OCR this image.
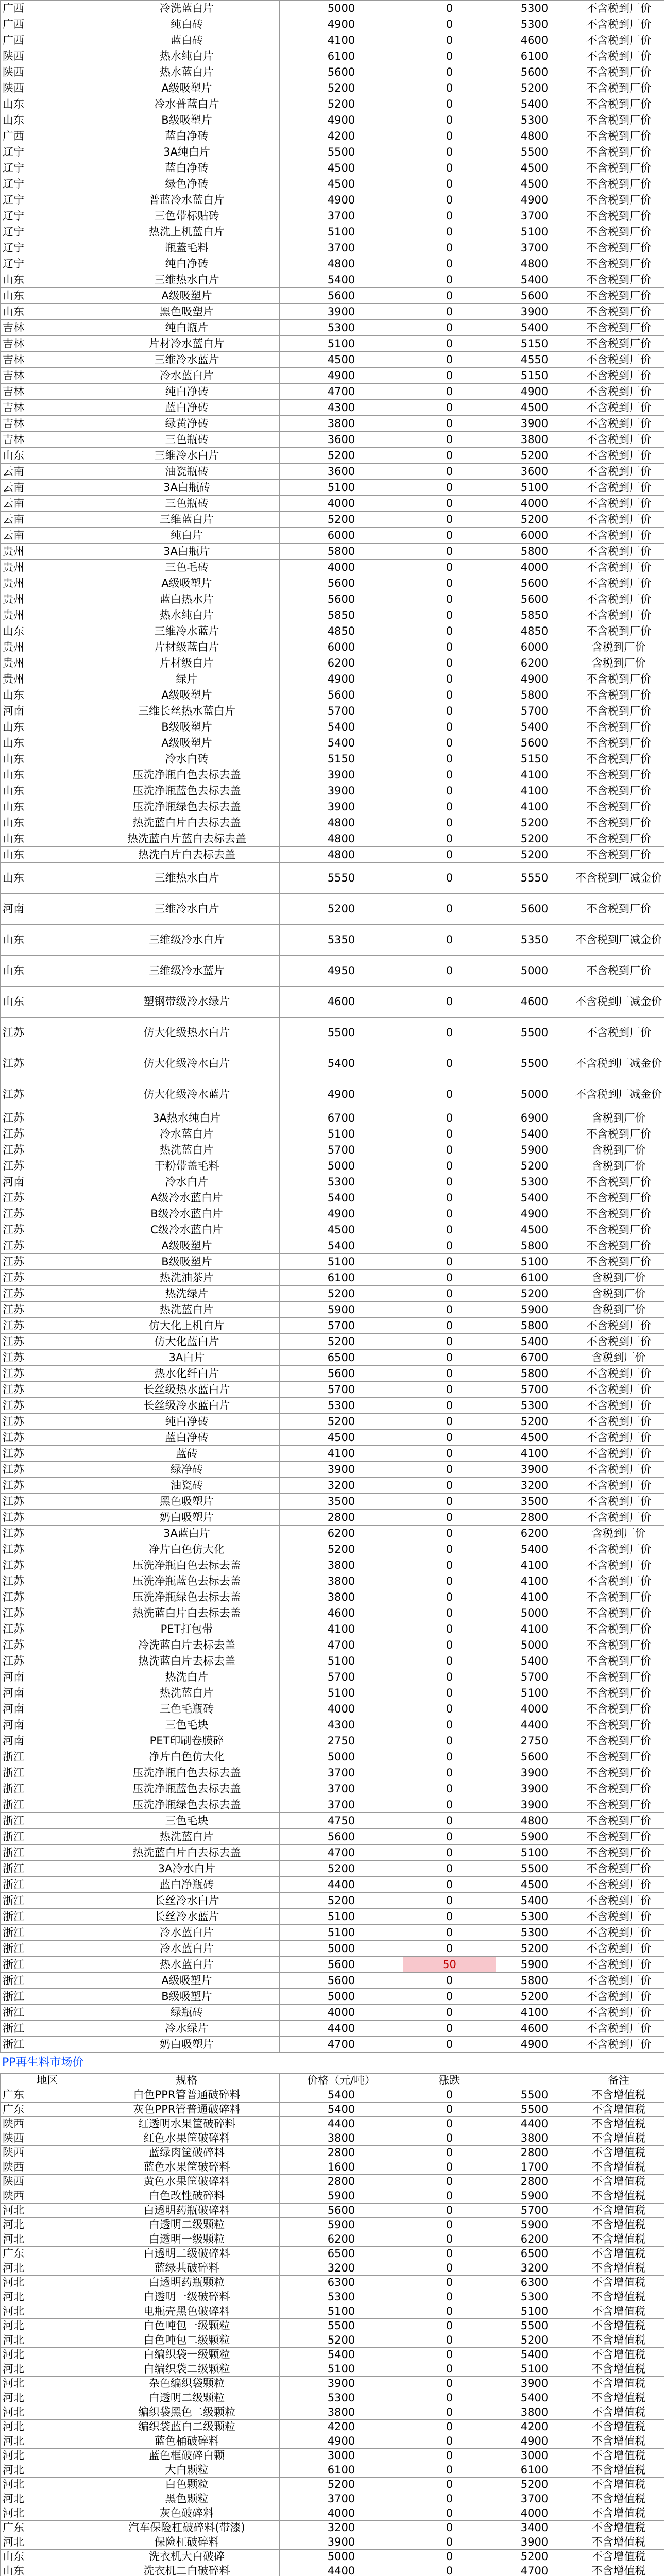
广西	冷洗蓝白片	5000	0	5300	不含税到厂价
广西	纯白砖	4900	0	5300	不含税到厂价
广西	蓝白砖	4100	0	4600	不含税到厂价
陕西	热水纯白片	6100	0	6100	不含税到厂价
陕西	热水蓝白片	5600	0	5600	不含税到厂价
陕西	A级吸塑片	5200	0	5200	不含税到厂价
山东	冷水普蓝白片	5200	0	5400	不含税到厂价
山东	B级吸塑片	4900	0	5300	不含税到厂价
广西	蓝白净砖	4200	0	4800	不含税到厂价
辽宁	3A纯白片	5500	0	5500	不含税到厂价
辽宁	蓝白净砖	4500	0	4500	不含税到厂价
辽宁	绿色净砖	4500	0	4500	不含税到厂价
辽宁	普蓝冷水蓝白片	4900	0	4900	不含税到厂价
辽宁	三色带标贴砖	3700	0	3700	不含税到厂价
辽宁	热洗上机蓝白片	5100	0	5100	不含税到厂价
辽宁	瓶蓋毛料	3700	0	3700	不含税到厂价
辽宁	纯白净砖	4800	0	4800	不含税到厂价
山东	三维热水白片	5400	0	5400	不含税到厂价
山东	A级吸塑片	5600	0	5600	不含税到厂价
山东	黑色吸塑片	3900	0	3900	不含税到厂价
吉林	纯白瓶片	5300	0	5400	不含税到厂价
吉林	片材冷水蓝白片	5100	0	5150	不含税到厂价
吉林	三维冷水蓝片	4500	0	4550	不含税到厂价
吉林	冷水蓝白片	4900	0	5150	不含税到厂价
吉林	纯白净砖	4700	0	4900	不含税到厂价
吉林	蓝白净砖	4300	0	4500	不含税到厂价
吉林	绿黄净砖	3800	0	3900	不含税到厂价
吉林	三色瓶砖	3600	0	3800	不含税到厂价
山东	三维冷水白片	5200	0	5200	不含税到厂价
云南	油瓷瓶砖	3600	0	3600	不含税到厂价
云南	3A白瓶砖	5100	0	5100	不含税到厂价
云南	三色瓶砖	4000	0	4000	不含税到厂价
云南	三维蓝白片	5200	0	5200	不含税到厂价
云南	纯白片	6000	0	6000	不含税到厂价
贵州	3A白瓶片	5800	0	5800	不含税到厂价
贵州	三色毛砖	4000	0	4000	不含税到厂价
贵州	A级吸塑片	5600	0	5600	不含税到厂价
贵州	蓝白热水片	5600	0	5600	不含税到厂价
贵州	热水纯白片	5850	0	5850	不含税到厂价
山东	三维冷水蓝片	4850	0	4850	不含税到厂价
贵州	片材级蓝白片	6000	0	6000	含税到厂价
贵州	片材级白片	6200	0	6200	含税到厂价
贵州	绿片	4900	0	4900	不含税到厂价
山东	A级吸塑片	5600	0	5800	不含税到厂价
河南	三维长丝热水蓝白片	5700	0	5700	不含税到厂价
山东	B级吸塑片	5400	0	5400	不含税到厂价
山东	A级吸塑片	5400	0	5600	不含税到厂价
山东	冷水白砖	5150	0	5150	不含税到厂价
山东	压洗净瓶白色去标去盖	3900	0	4100	不含税到厂价
山东	压洗净瓶蓝色去标去盖	3900	0	4100	不含税到厂价
山东	压洗净瓶绿色去标去盖	3900	0	4100	不含税到厂价
山东	热洗蓝白片白去标去盖	4800	0	5200	不含税到厂价
山东	热洗蓝白片蓝白去标去盖	4800	0	5200	不含税到厂价
山东	热洗白片白去标去盖	4800	0	5200	不含税到厂价
山东	三维热水白片	5550	0	5550	不含税到厂减金价
河南	三维冷水白片	5200	0	5600	不含税到厂价
山东	三维级冷水白片	5350	0	5350	不含税到厂减金价
山东	三维级冷水蓝片	4950	0	5000	不含税到厂价
山东	塑钢带级冷水绿片	4600	0	4600	不含税到厂减金价
江苏	仿大化级热水白片	5500	0	5500	不含税到厂价
江苏	仿大化级冷水白片	5400	0	5500	不含税到厂减金价
江苏	仿大化级冷水蓝片	4900	0	5000	不含税到厂减金价
江苏	3A热水纯白片	6700	0	6900	含税到厂价
江苏	冷水蓝白片	5100	0	5400	不含税到厂价
江苏	热洗蓝白片	5700	0	5900	含税到厂价
江苏	干粉带盖毛料	5000	0	5200	含税到厂价
河南	冷水白片	5300	0	5300	不含税到厂价
江苏	A级冷水蓝白片	5400	0	5400	不含税到厂价
江苏	B级冷水蓝白片	4900	0	4900	不含税到厂价
江苏	C级冷水蓝白片	4500	0	4500	不含税到厂价
江苏	A级吸塑片	5400	0	5800	不含税到厂价
江苏	B级吸塑片	5100	0	5100	不含税到厂价
江苏	热洗油茶片	6100	0	6100	含税到厂价
江苏	热洗绿片	5200	0	5200	含税到厂价
江苏	热洗蓝白片	5900	0	5900	含税到厂价
江苏	仿大化上机白片	5700	0	5800	不含税到厂价
江苏	仿大化蓝白片	5200	0	5400	不含税到厂价
江苏	3A白片	6500	0	6700	含税到厂价
江苏	热水化纤白片	5600	0	5800	不含税到厂价
江苏	长丝级热水蓝白片	5700	0	5700	不含税到厂价
江苏	长丝级冷水蓝白片	5300	0	5300	不含税到厂价
江苏	纯白净砖	5200	0	5200	不含税到厂价
江苏	蓝白净砖	4500	0	4500	不含税到厂价
江苏	蓝砖	4100	0	4100	不含税到厂价
江苏	绿净砖	3900	0	3900	不含税到厂价
江苏	油瓷砖	3200	0	3200	不含税到厂价
江苏	黑色吸塑片	3500	0	3500	不含税到厂价
江苏	奶白吸塑片	2800	0	2800	不含税到厂价
江苏	3A蓝白片	6200	0	6200	含税到厂价
江苏	净片白色仿大化	5200	0	5400	不含税到厂价
江苏	压洗净瓶白色去标去盖	3800	0	4100	不含税到厂价
江苏	压洗净瓶蓝色去标去盖	3800	0	4100	不含税到厂价
江苏	压洗净瓶绿色去标去盖	3800	0	4100	不含税到厂价
江苏	热洗蓝白片白去标去盖	4600	0	5000	不含税到厂价
江苏	PET打包带	4100	0	4100	不含税到厂价
江苏	冷洗蓝白片去标去盖	4700	0	5000	不含税到厂价
江苏	热洗蓝白片去标去盖	5100	0	5400	不含税到厂价
河南	热洗白片	5700	0	5700	不含税到厂价
河南	热洗蓝白片	5100	0	5100	不含税到厂价
河南	三色毛瓶砖	4000	0	4000	不含税到厂价
河南	三色毛块	4300	0	4400	不含税到厂价
河南	PET印刷卷膜碎	2750	0	2750	不含税到厂价
浙江	净片白色仿大化	5000	0	5600	不含税到厂价
浙江	压洗净瓶白色去标去盖	3700	0	3900	不含税到厂价
浙江	压洗净瓶蓝色去标去盖	3700	0	3900	不含税到厂价
浙江	压洗净瓶绿色去标去盖	3700	0	3900	不含税到厂价
浙江	三色毛块	4750	0	4800	不含税到厂价
浙江	热洗蓝白片	5600	0	5900	不含税到厂价
浙江	热洗蓝白片白去标去盖	4700	0	5100	不含税到厂价
浙江	3A冷水白片	5200	0	5500	不含税到厂价
浙江	蓝白净瓶砖	4400	0	4500	不含税到厂价
浙江	长丝冷水白片	5200	0	5400	不含税到厂价
浙江	长丝冷水蓝片	5100	0	5300	不含税到厂价
浙江	冷水蓝白片	5100	0	5300	不含税到厂价
浙江	冷水蓝白片	5000	0	5200	不含税到厂价
浙江	热水蓝白片	5600	50	5900	不含税到厂价
浙江	A级吸塑片	5600	0	5800	不含税到厂价
浙江	B级吸塑片	5000	0	5200	不含税到厂价
浙江	绿瓶砖	4000	0	4100	不含税到厂价
浙江	冷水绿片	4400	0	4600	不含税到厂价
浙江	奶白吸塑片	4700	0	4900	不含税到厂价
PP再生料市场价
地区	规格	价格（元/吨）	涨跌		备注
广东	白色PPR管普通破碎料	5400	0	5500	不含增值税
广东	灰色PPR管普通破碎料	5400	0	5500	不含增值税
陕西	红透明水果筐破碎料	4400	0	4400	不含增值税
陕西	红色水果筐破碎料	3800	0	3800	不含增值税
陕西	蓝绿肉筐破碎料	2800	0	2800	不含增值税
陕西	蓝色水果筐破碎料	1600	0	1700	不含增值税
陕西	黄色水果筐破碎料	2800	0	2800	不含增值税
陕西	白色改性破碎料	5900	0	5900	不含增值税
河北	白透明药瓶破碎料	5600	0	5700	不含增值税
河北	白透明二级颗粒	5900	0	5900	不含增值税
河北	白透明一级颗粒	6200	0	6200	不含增值税
广东	白透明二级破碎料	6500	0	6500	不含增值税
河北	蓝绿共破碎料	3200	0	3200	不含增值税
河北	白透明药瓶颗粒	6300	0	6300	不含增值税
河北	白透明一级破碎料	5300	0	5300	不含增值税
河北	电瓶壳黑色破碎料	5100	0	5100	不含增值税
河北	白色吨包一级颗粒	5500	0	5500	不含增值税
河北	白色吨包二级颗粒	5200	0	5200	不含增值税
河北	白编织袋一级颗粒	5400	0	5400	不含增值税
河北	白编织袋二级颗粒	5100	0	5100	不含增值税
河北	杂色编织袋颗粒	3900	0	3900	不含增值税
河北	白透明二级颗粒	5300	0	5400	不含增值税
河北	编织袋黑色二级颗粒	3800	0	3800	不含增值税
河北	编织袋蓝白二级颗粒	4200	0	4200	不含增值税
河北	蓝色桶破碎料	4900	0	4900	不含增值税
河北	蓝色框破碎白颗	3000	0	3000	不含增值税
河北	大白颗粒	6100	0	6100	不含增值税
河北	白色颗粒	5200	0	5200	不含增值税
河北	黑色颗粒	3700	0	3700	不含增值税
河北	灰色破碎料	4000	0	4000	不含增值税
广东	汽车保险杠破碎料(带漆)	3200	0	3400	不含增值税
河北	保险杠破碎料	3900	0	3900	不含增值税
山东	洗衣机大白破碎	5000	0	5200	不含增值税
山东	洗衣机二白破碎料	4400	0	4700	不含增值税
